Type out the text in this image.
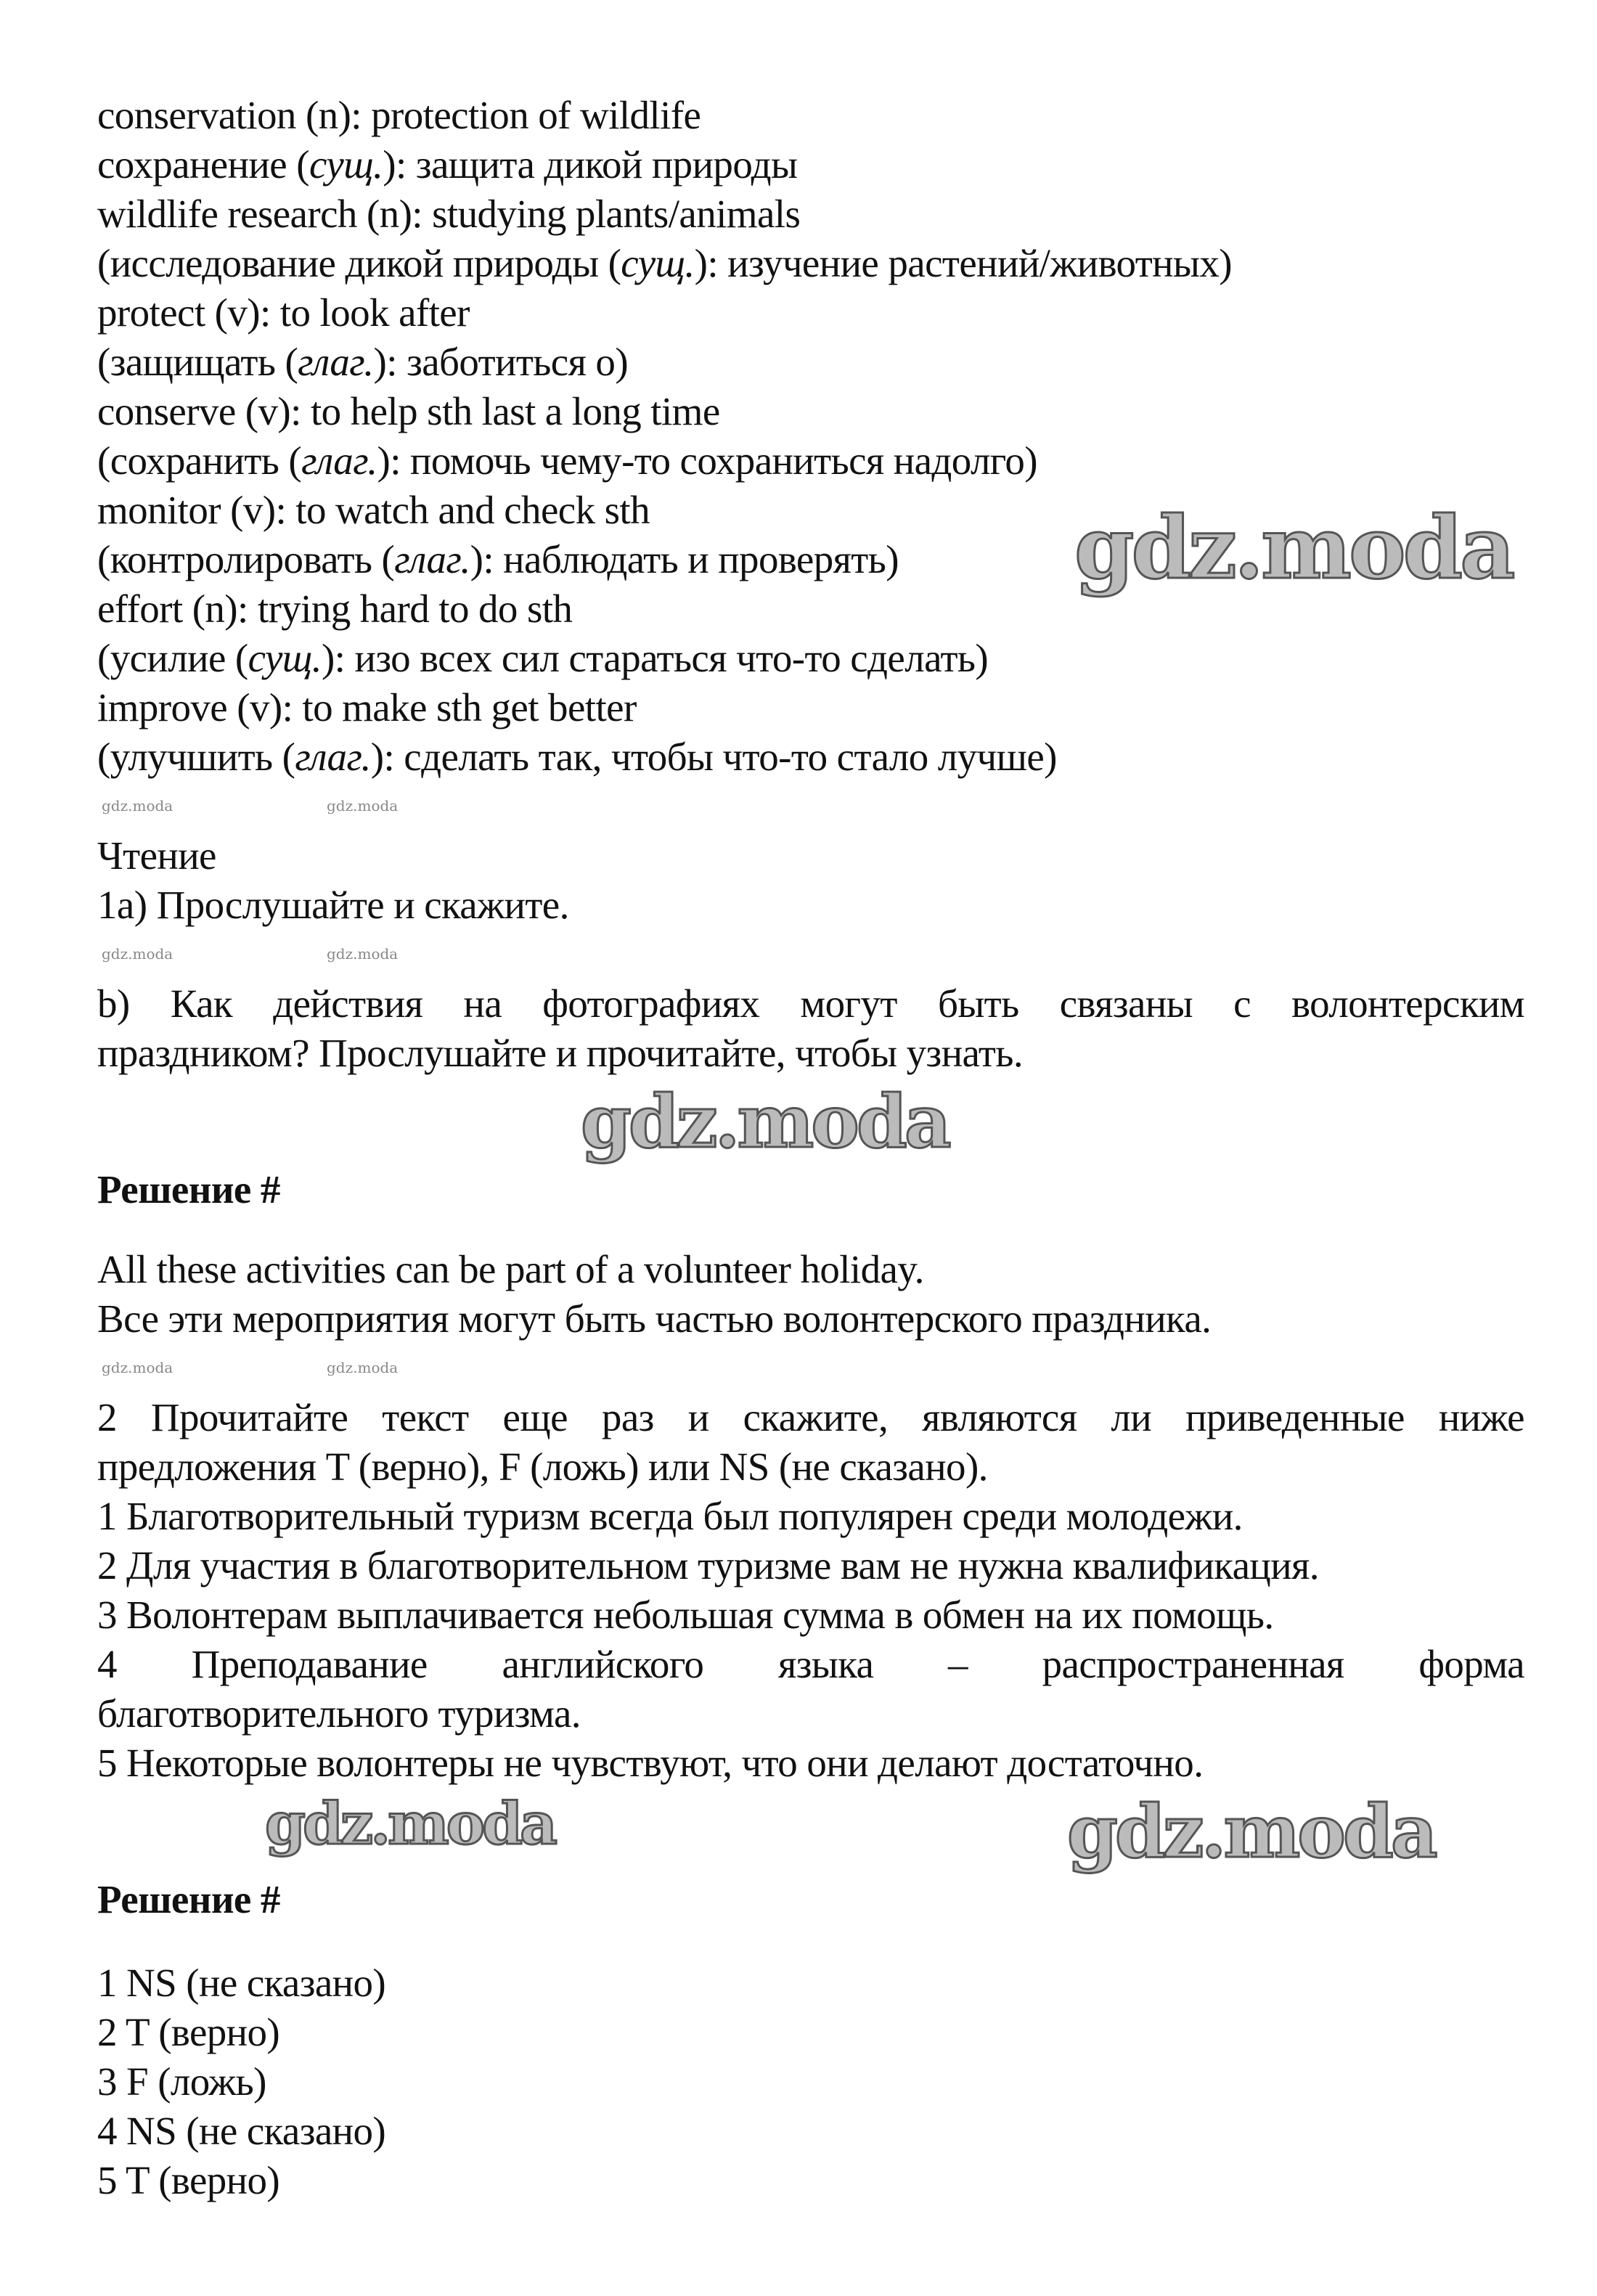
conservation (n): protection of wildlife
сохранение (сущ.): защита дикой природы
wildlife research (n): studying plants/animals
(исследование дикой природы (сущ.): изучение растений/животных)
protect (v): to look after
(защищать (глаг.): заботиться о)
conserve (v): to help sth last a long time
(сохранить (глаг.): помочь чему-то сохраниться надолго)
monitor (v): to watch and check sth
(контролировать (глаг.): наблюдать и проверять)
effort (n): trying hard to do sth
(усилие (сущ.): изо всех сил стараться что-то сделать)
improve (v): to make sth get better
(улучшить (глаг.): сделать так, чтобы что-то стало лучше)
Чтение
1a) Прослушайте и скажите.
b) Как действия на фотографиях могут быть связаны с волонтерским
праздником? Прослушайте и прочитайте, чтобы узнать.
Решение #
All these activities can be part of a volunteer holiday.
Все эти мероприятия могут быть частью волонтерского праздника.
2 Прочитайте текст еще раз и скажите, являются ли приведенные ниже
предложения T (верно), F (ложь) или NS (не сказано).
1 Благотворительный туризм всегда был популярен среди молодежи.
2 Для участия в благотворительном туризме вам не нужна квалификация.
3 Волонтерам выплачивается небольшая сумма в обмен на их помощь.
4 Преподавание английского языка – распространенная форма
благотворительного туризма.
5 Некоторые волонтеры не чувствуют, что они делают достаточно.
Решение #
1 NS (не сказано)
2 T (верно)
3 F (ложь)
4 NS (не сказано)
5 T (верно)
gdz.moda
gdz.moda
gdz.moda	gdz.moda
gdz.moda	gdz.moda
gdz.moda	gdz.moda
gdz.moda	gdz.moda
